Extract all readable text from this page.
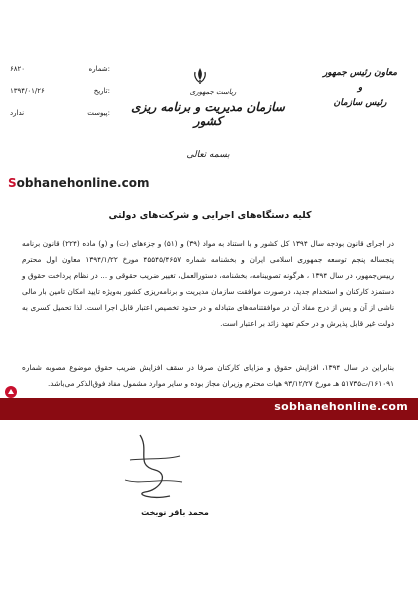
۶۸۲۰	شماره:
۱۳۹۴/۰۱/۲۶	تاریخ:
ندارد	پیوست:
ریاست جمهوری
سازمان مدیریت و برنامه ریزی کشور
معاون رئیس جمهور
و
رئیس سازمان
بسمه تعالی
Sobhanehonline.com
کلیه دستگاه‌های اجرایی و شرکت‌های دولتی
در اجرای قانون بودجه سال ۱۳۹۴ کل کشور و با استناد به مواد (۳۹) و (۵۱) و جزءهای (ت) و (و) ماده (۲۲۴) قانون برنامه پنجساله پنجم توسعه جمهوری اسلامی ایران و بخشنامه شماره ۴۵۵۴۵/۴۶۵۷ مورخ ۱۳۹۴/۱/۲۲ معاون اول محترم رییس‌جمهور، در سال ۱۳۹۴ ، هرگونه تصویبنامه، بخشنامه، دستورالعمل، تغییر ضریب حقوقی و ... در نظام پرداخت حقوق و دستمزد کارکنان و استخدام جدید، درصورت موافقت سازمان مدیریت و برنامه‌ریزی کشور به‌ویژه تایید امکان تامین بار مالی ناشی از آن و پس از درج مفاد آن در موافقتنامه‌های متبادله و در حدود تخصیص اعتبار قابل اجرا است. لذا تحمیل کسری به دولت غیر قابل پذیرش و در حکم تعهد زائد بر اعتبار است.
بنابراین در سال ۱۳۹۴، افزایش حقوق و مزایای کارکنان صرفا در سقف افزایش ضریب حقوق موضوع مصوبه شماره ۱۶۱۰۹۱/ت۵۱۷۳۵ هـ مورخ ۹۳/۱۲/۲۷ هیات محترم وزیران مجاز بوده و سایر موارد مشمول مفاد فوق‌الذکر می‌باشد.
sobhanehonline.com
محمد باقر نوبخت
